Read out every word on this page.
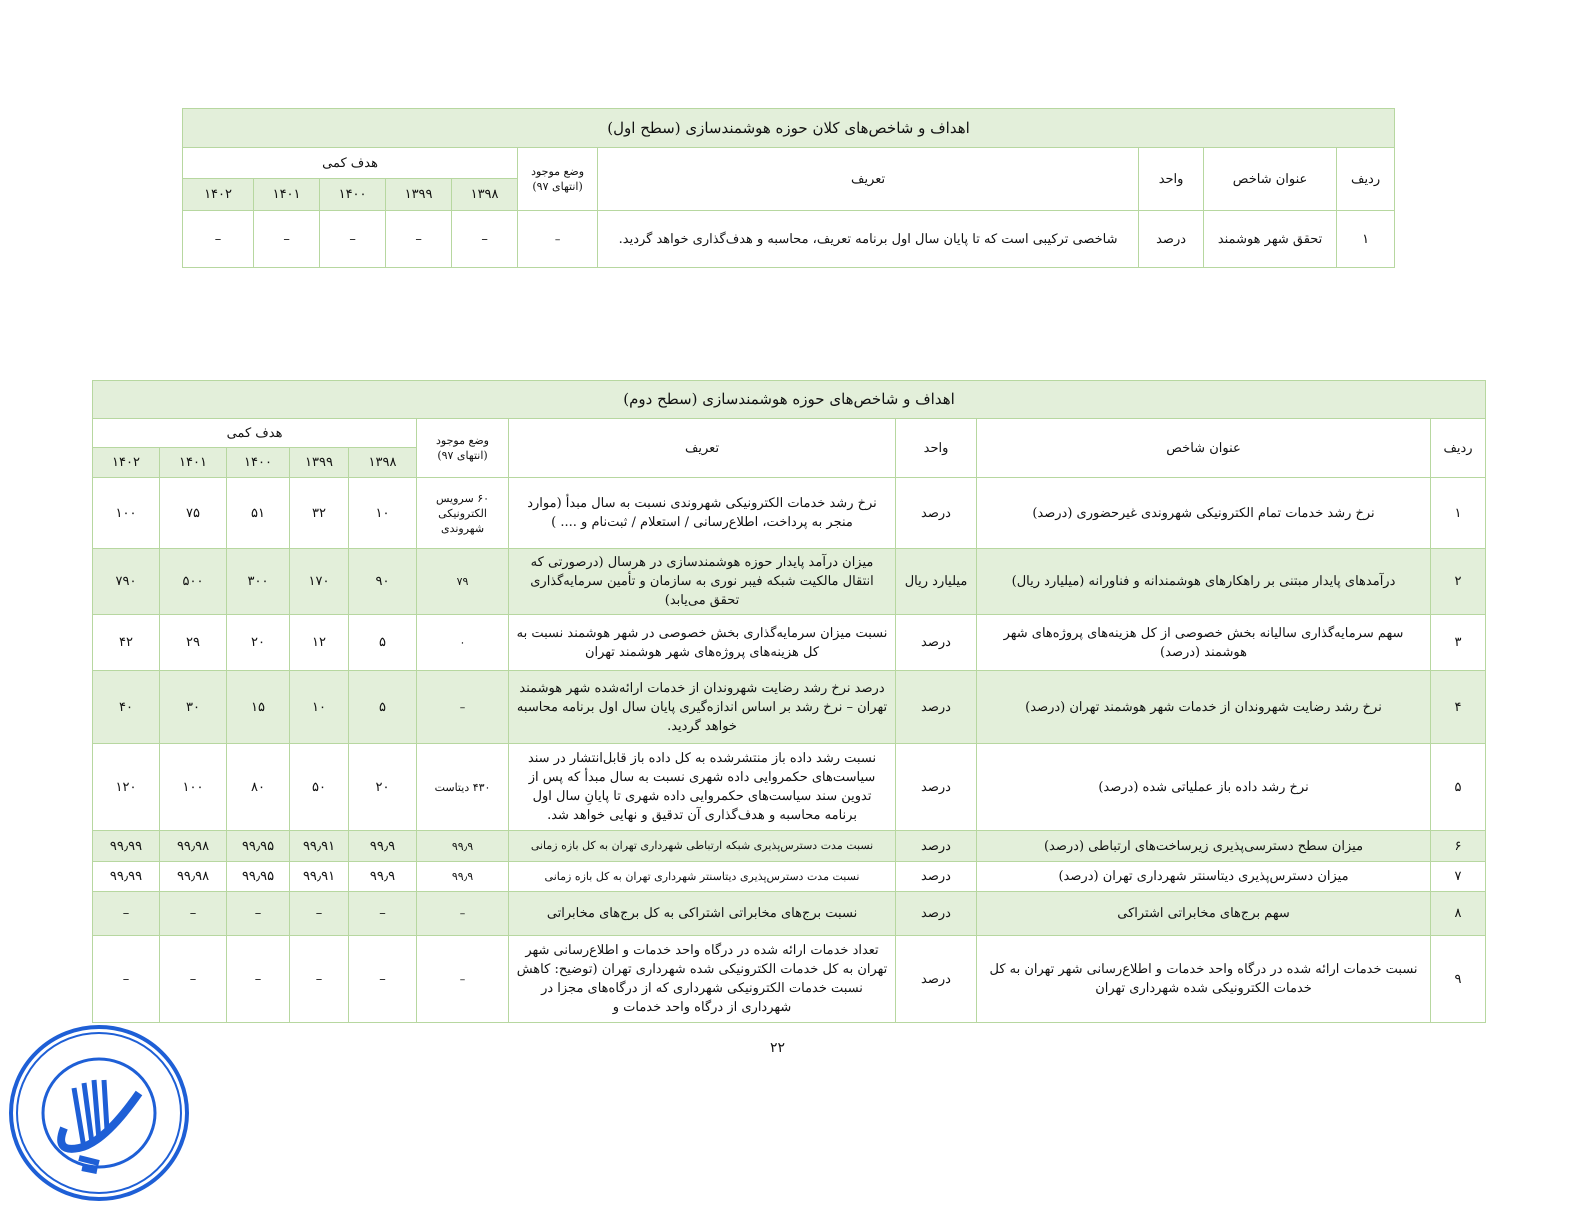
اهداف و شاخص‌های کلان حوزه هوشمندسازی (سطح اول)									
ردیف	عنوان شاخص	واحد	تعریف	وضع موجود
(انتهای ۹۷)	هدف کمی				
					۱۳۹۸	۱۳۹۹	۱۴۰۰	۱۴۰۱	۱۴۰۲
۱	تحقق شهر هوشمند	درصد	شاخصی ترکیبی است که تا پایان سال اول برنامه تعریف، محاسبه و هدف‌گذاری خواهد گردید.	–	–	–	–	–	–
اهداف و شاخص‌های حوزه هوشمندسازی (سطح دوم)									
ردیف	عنوان شاخص	واحد	تعریف	وضع موجود
(انتهای ۹۷)	هدف کمی				
					۱۳۹۸	۱۳۹۹	۱۴۰۰	۱۴۰۱	۱۴۰۲
۱	نرخ رشد خدمات تمام الکترونیکی شهروندی غیرحضوری (درصد)	درصد	نرخ رشد خدمات الکترونیکی شهروندی نسبت به سال مبدأ (موارد منجر به پرداخت، اطلاع‌رسانی / استعلام / ثبت‌نام و .... )	۶۰ سرویس الکترونیکی شهروندی	۱۰	۳۲	۵۱	۷۵	۱۰۰
۲	درآمدهای پایدار مبتنی بر راهکارهای هوشمندانه و فناورانه (میلیارد ریال)	میلیارد ریال	میزان درآمد پایدار حوزه هوشمندسازی در هرسال (درصورتی که انتقال مالکیت شبکه فیبر نوری به سازمان و تأمین سرمایه‌گذاری تحقق می‌یابد)	۷۹	۹۰	۱۷۰	۳۰۰	۵۰۰	۷۹۰
۳	سهم سرمایه‌گذاری سالیانه بخش خصوصی از کل هزینه‌های پروژه‌های شهر هوشمند (درصد)	درصد	نسبت میزان سرمایه‌گذاری بخش خصوصی در شهر هوشمند نسبت به کل هزینه‌های پروژه‌های شهر هوشمند تهران	۰	۵	۱۲	۲۰	۲۹	۴۲
۴	نرخ رشد رضایت شهروندان از خدمات شهر هوشمند تهران (درصد)	درصد	درصد نرخ رشد رضایت شهروندان از خدمات ارائه‌شده شهر هوشمند تهران – نرخ رشد بر اساس اندازه‌گیری پایان سال اول برنامه محاسبه خواهد گردید.	–	۵	۱۰	۱۵	۳۰	۴۰
۵	نرخ رشد داده باز عملیاتی شده (درصد)	درصد	نسبت رشد داده باز منتشرشده به کل داده باز قابل‌انتشار در سند سیاست‌های حکمروایی داده شهری نسبت به سال مبدأ که پس از تدوین سند سیاست‌های حکمروایی داده شهری تا پایانِ سال اول برنامه محاسبه و هدف‌گذاری آن تدقیق و نهایی خواهد شد.	۴۳۰ دیتاست	۲۰	۵۰	۸۰	۱۰۰	۱۲۰
۶	میزان سطح دسترسی‌پذیری زیرساخت‌های ارتباطی (درصد)	درصد	نسبت مدت دسترس‌پذیری شبکه ارتباطی شهرداری تهران به کل بازه زمانی	۹۹٫۹	۹۹٫۹	۹۹٫۹۱	۹۹٫۹۵	۹۹٫۹۸	۹۹٫۹۹
۷	میزان دسترس‌پذیری دیتاسنتر شهرداری تهران (درصد)	درصد	نسبت مدت دسترس‌پذیری دیتاسنتر شهرداری تهران به کل بازه زمانی	۹۹٫۹	۹۹٫۹	۹۹٫۹۱	۹۹٫۹۵	۹۹٫۹۸	۹۹٫۹۹
۸	سهم برج‌های مخابراتی اشتراکی	درصد	نسبت برج‌های مخابراتی اشتراکی به کل برج‌های مخابراتی	–	–	–	–	–	–
۹	نسبت خدمات ارائه شده در درگاه واحد خدمات و اطلاع‌رسانی شهر تهران به کل خدمات الکترونیکی شده شهرداری تهران	درصد	تعداد خدمات ارائه شده در درگاه واحد خدمات و اطلاع‌رسانی شهر تهران به کل خدمات الکترونیکی شده شهرداری تهران (توضیح: کاهش نسبت خدمات الکترونیکی شهرداری که از درگاه‌های مجزا در شهرداری از درگاه واحد خدمات و	–	–	–	–	–	–
۲۲
